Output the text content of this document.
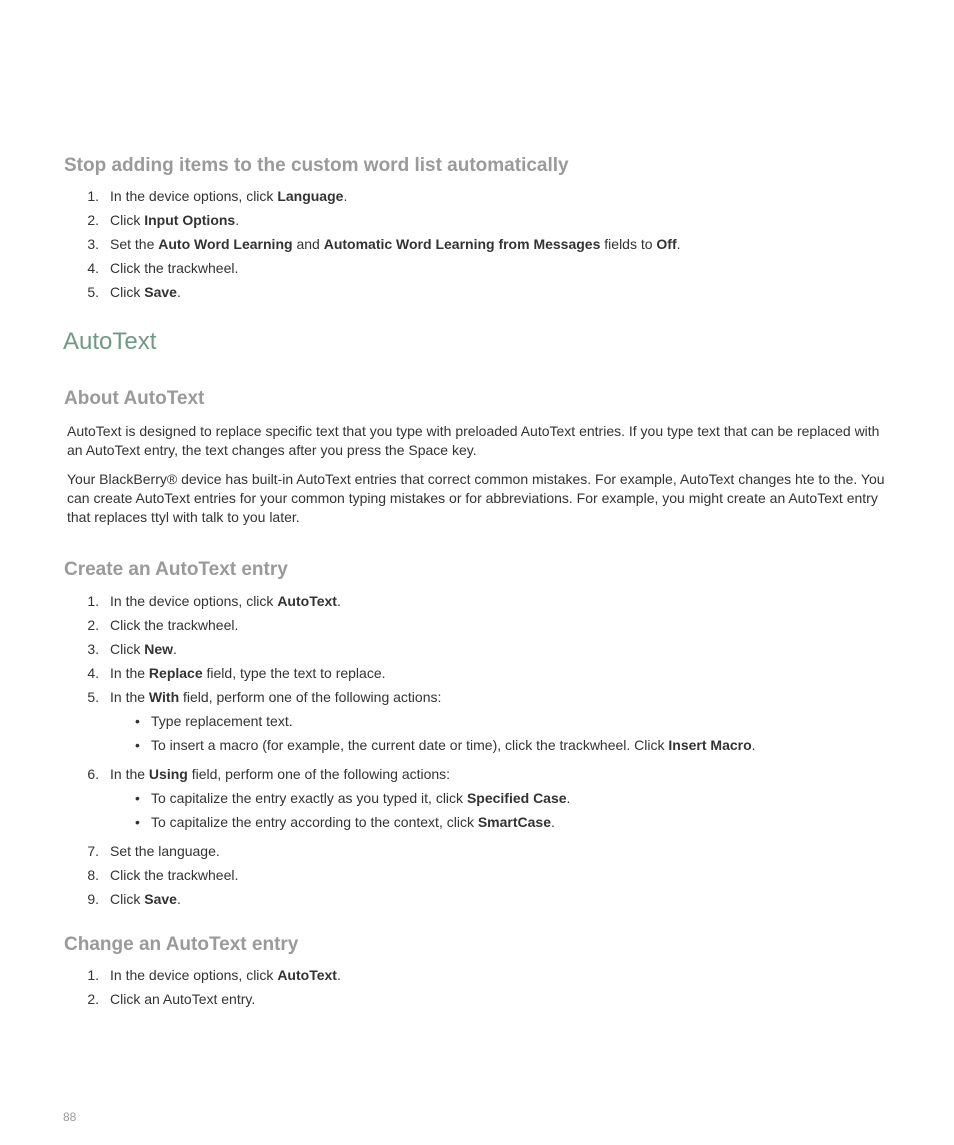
Stop adding items to the custom word list automatically
1. In the device options, click Language.
2. Click Input Options.
3. Set the Auto Word Learning and Automatic Word Learning from Messages fields to Off.
4. Click the trackwheel.
5. Click Save.
AutoText
About AutoText

AutoText is designed to replace specific text that you type with preloaded AutoText entries. If you type text that can be replaced with an AutoText entry, the text changes after you press the Space key.

Your BlackBerry® device has built-in AutoText entries that correct common mistakes. For example, AutoText changes hte to the. You can create AutoText entries for your common typing mistakes or for abbreviations. For example, you might create an AutoText entry that replaces ttyl with talk to you later.

Create an AutoText entry
1. In the device options, click AutoText.
2. Click the trackwheel.
3. Click New.
4. In the Replace field, type the text to replace.
5. In the With field, perform one of the following actions:
• Type replacement text.
• To insert a macro (for example, the current date or time), click the trackwheel. Click Insert Macro.
6. In the Using field, perform one of the following actions:
• To capitalize the entry exactly as you typed it, click Specified Case.
• To capitalize the entry according to the context, click SmartCase.
7. Set the language.
8. Click the trackwheel.
9. Click Save.
Change an AutoText entry
1. In the device options, click AutoText.
2. Click an AutoText entry.
88
